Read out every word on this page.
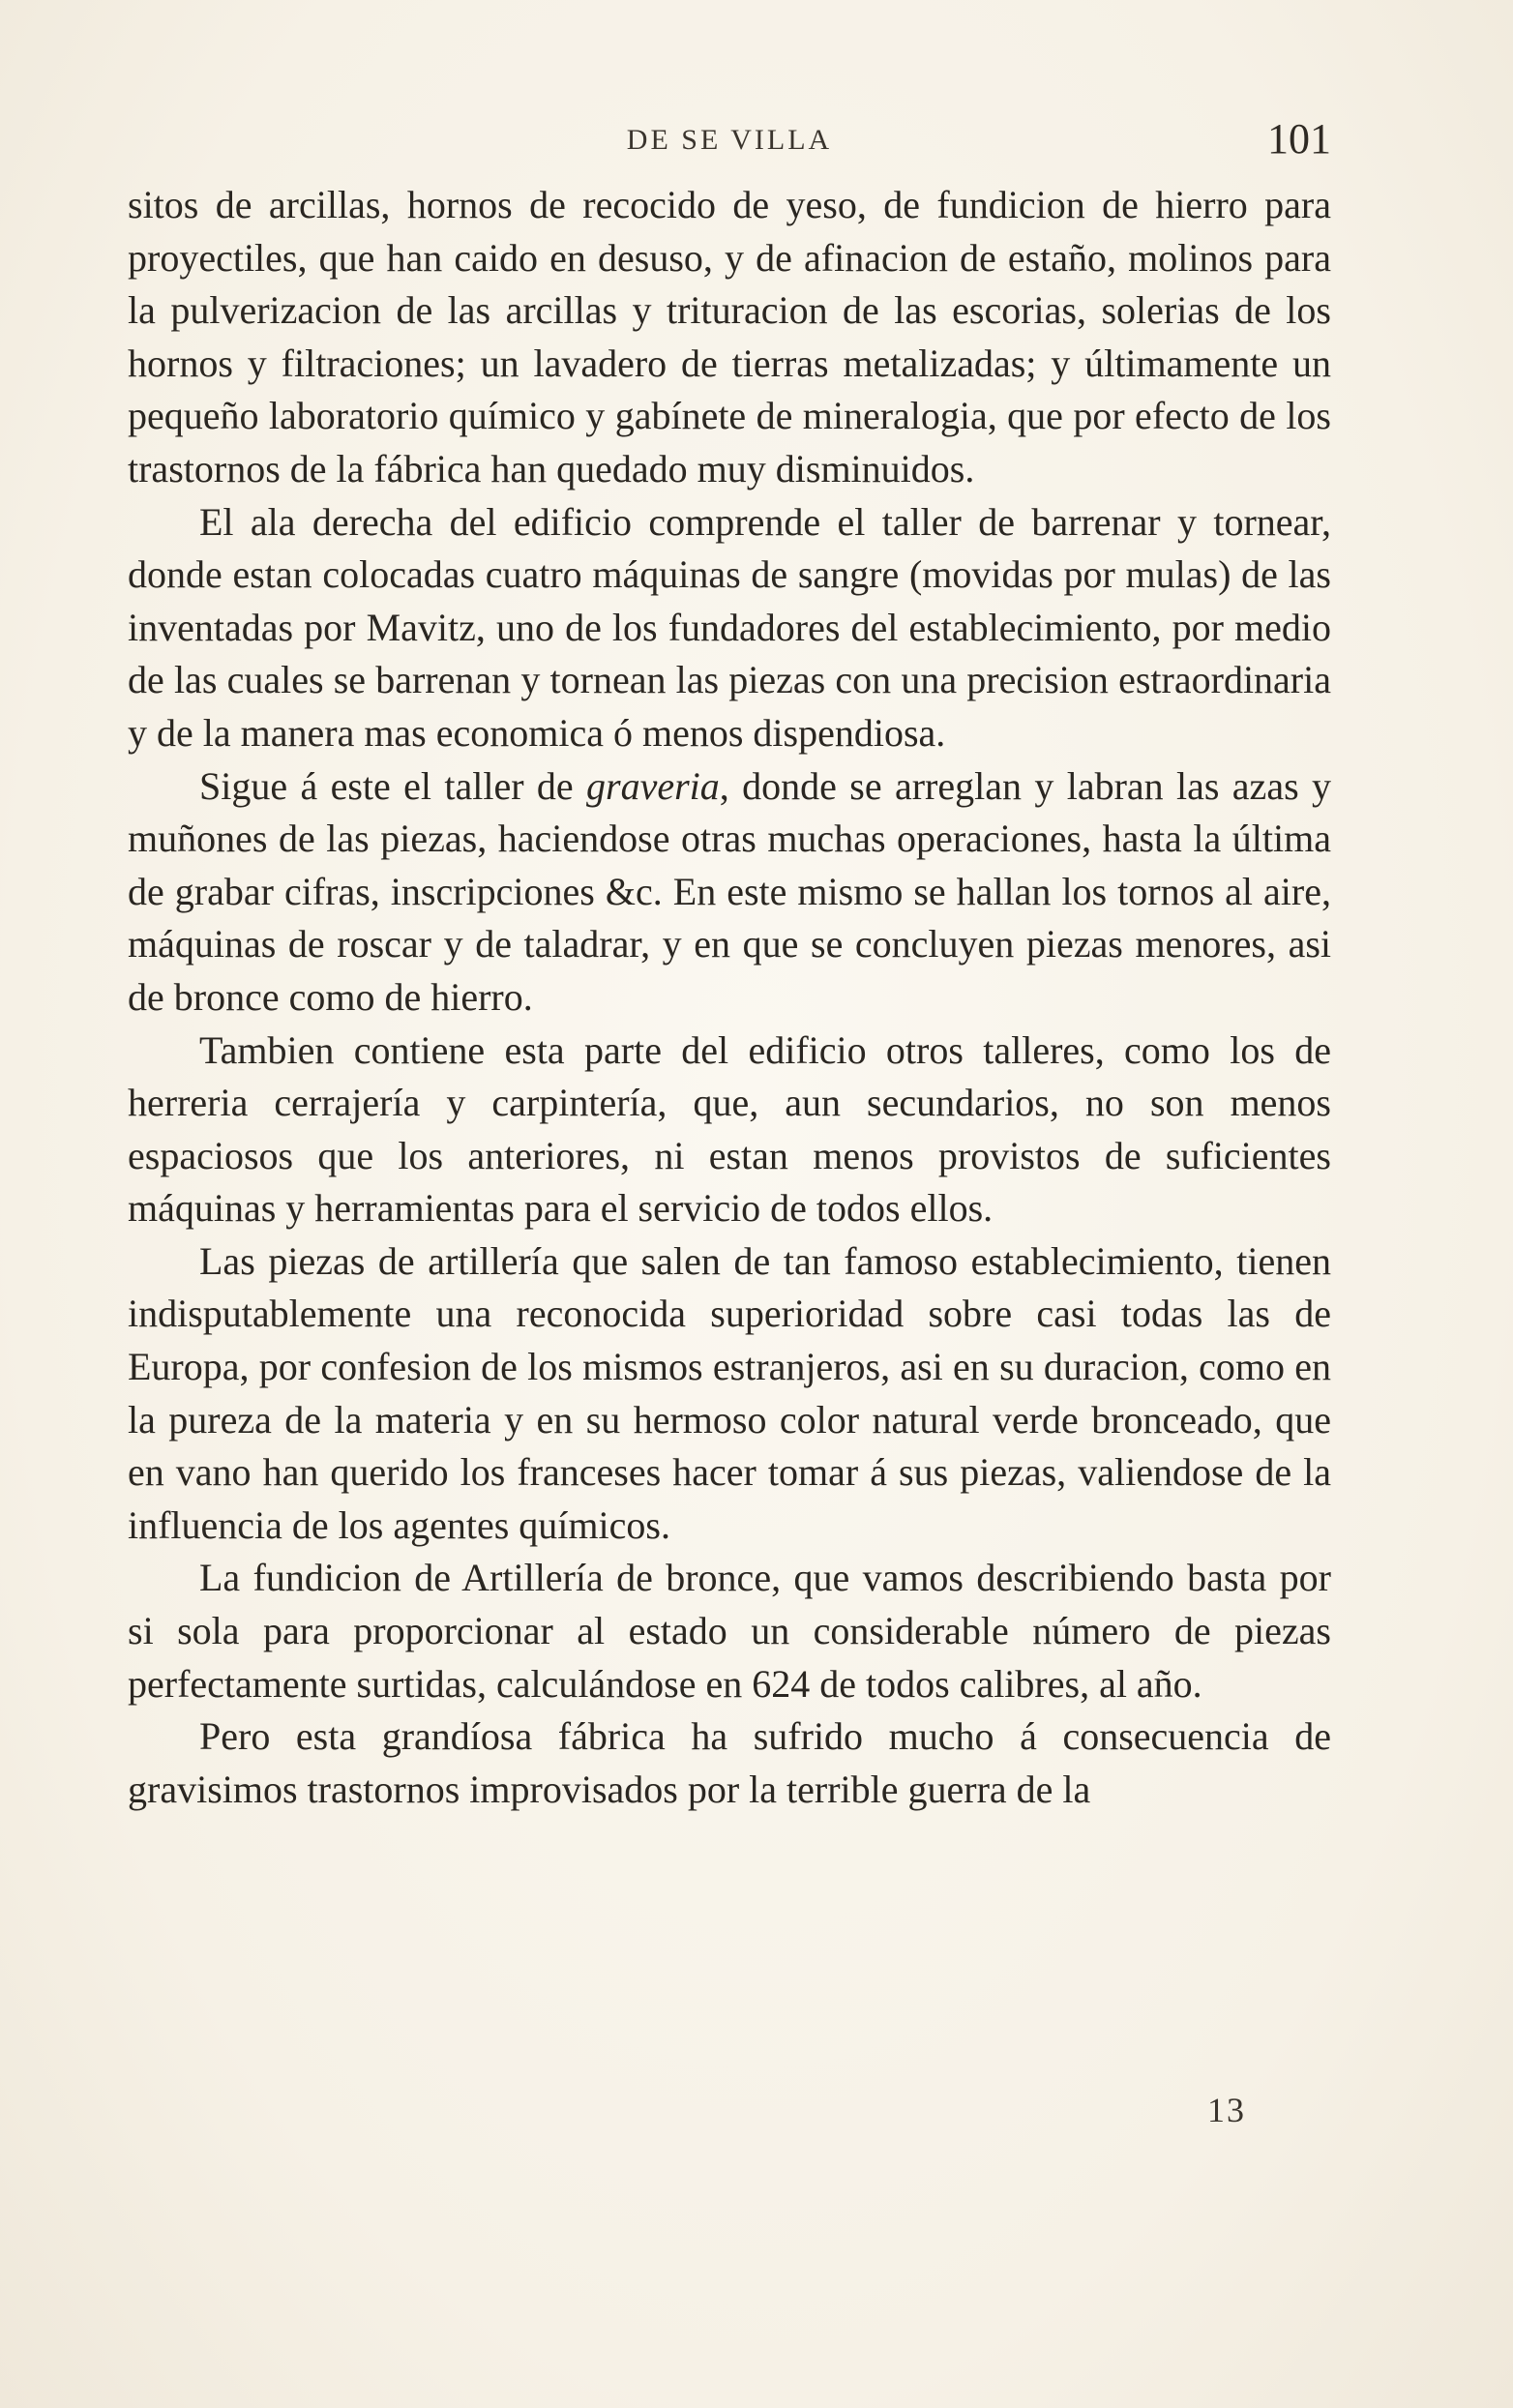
DE SE VILLA	101

sitos de arcillas, hornos de recocido de yeso, de fundicion de hierro para proyectiles, que han caido en desuso, y de afinacion de estaño, molinos para la pulverizacion de las arcillas y trituracion de las escorias, solerias de los hornos y filtraciones; un lavadero de tierras metalizadas; y últimamente un pequeño laboratorio químico y gabínete de mineralogia, que por efecto de los trastornos de la fábrica han quedado muy disminuidos.

El ala derecha del edificio comprende el taller de barrenar y tornear, donde estan colocadas cuatro máquinas de sangre (movidas por mulas) de las inventadas por Mavitz, uno de los fundadores del establecimiento, por medio de las cuales se barrenan y tornean las piezas con una precision estraordinaria y de la manera mas economica ó menos dispendiosa.

Sigue á este el taller de graveria, donde se arreglan y labran las azas y muñones de las piezas, haciendose otras muchas operaciones, hasta la última de grabar cifras, inscripciones &c. En este mismo se hallan los tornos al aire, máquinas de roscar y de taladrar, y en que se concluyen piezas menores, asi de bronce como de hierro.

Tambien contiene esta parte del edificio otros talleres, como los de herreria cerrajería y carpintería, que, aun secundarios, no son menos espaciosos que los anteriores, ni estan menos provistos de suficientes máquinas y herramientas para el servicio de todos ellos.

Las piezas de artillería que salen de tan famoso establecimiento, tienen indisputablemente una reconocida superioridad sobre casi todas las de Europa, por confesion de los mismos estranjeros, asi en su duracion, como en la pureza de la materia y en su hermoso color natural verde bronceado, que en vano han querido los franceses hacer tomar á sus piezas, valiendose de la influencia de los agentes químicos.

La fundicion de Artillería de bronce, que vamos describiendo basta por si sola para proporcionar al estado un considerable número de piezas perfectamente surtidas, calculándose en 624 de todos calibres, al año.

Pero esta grandíosa fábrica ha sufrido mucho á consecuencia de gravisimos trastornos improvisados por la terrible guerra de la

13
